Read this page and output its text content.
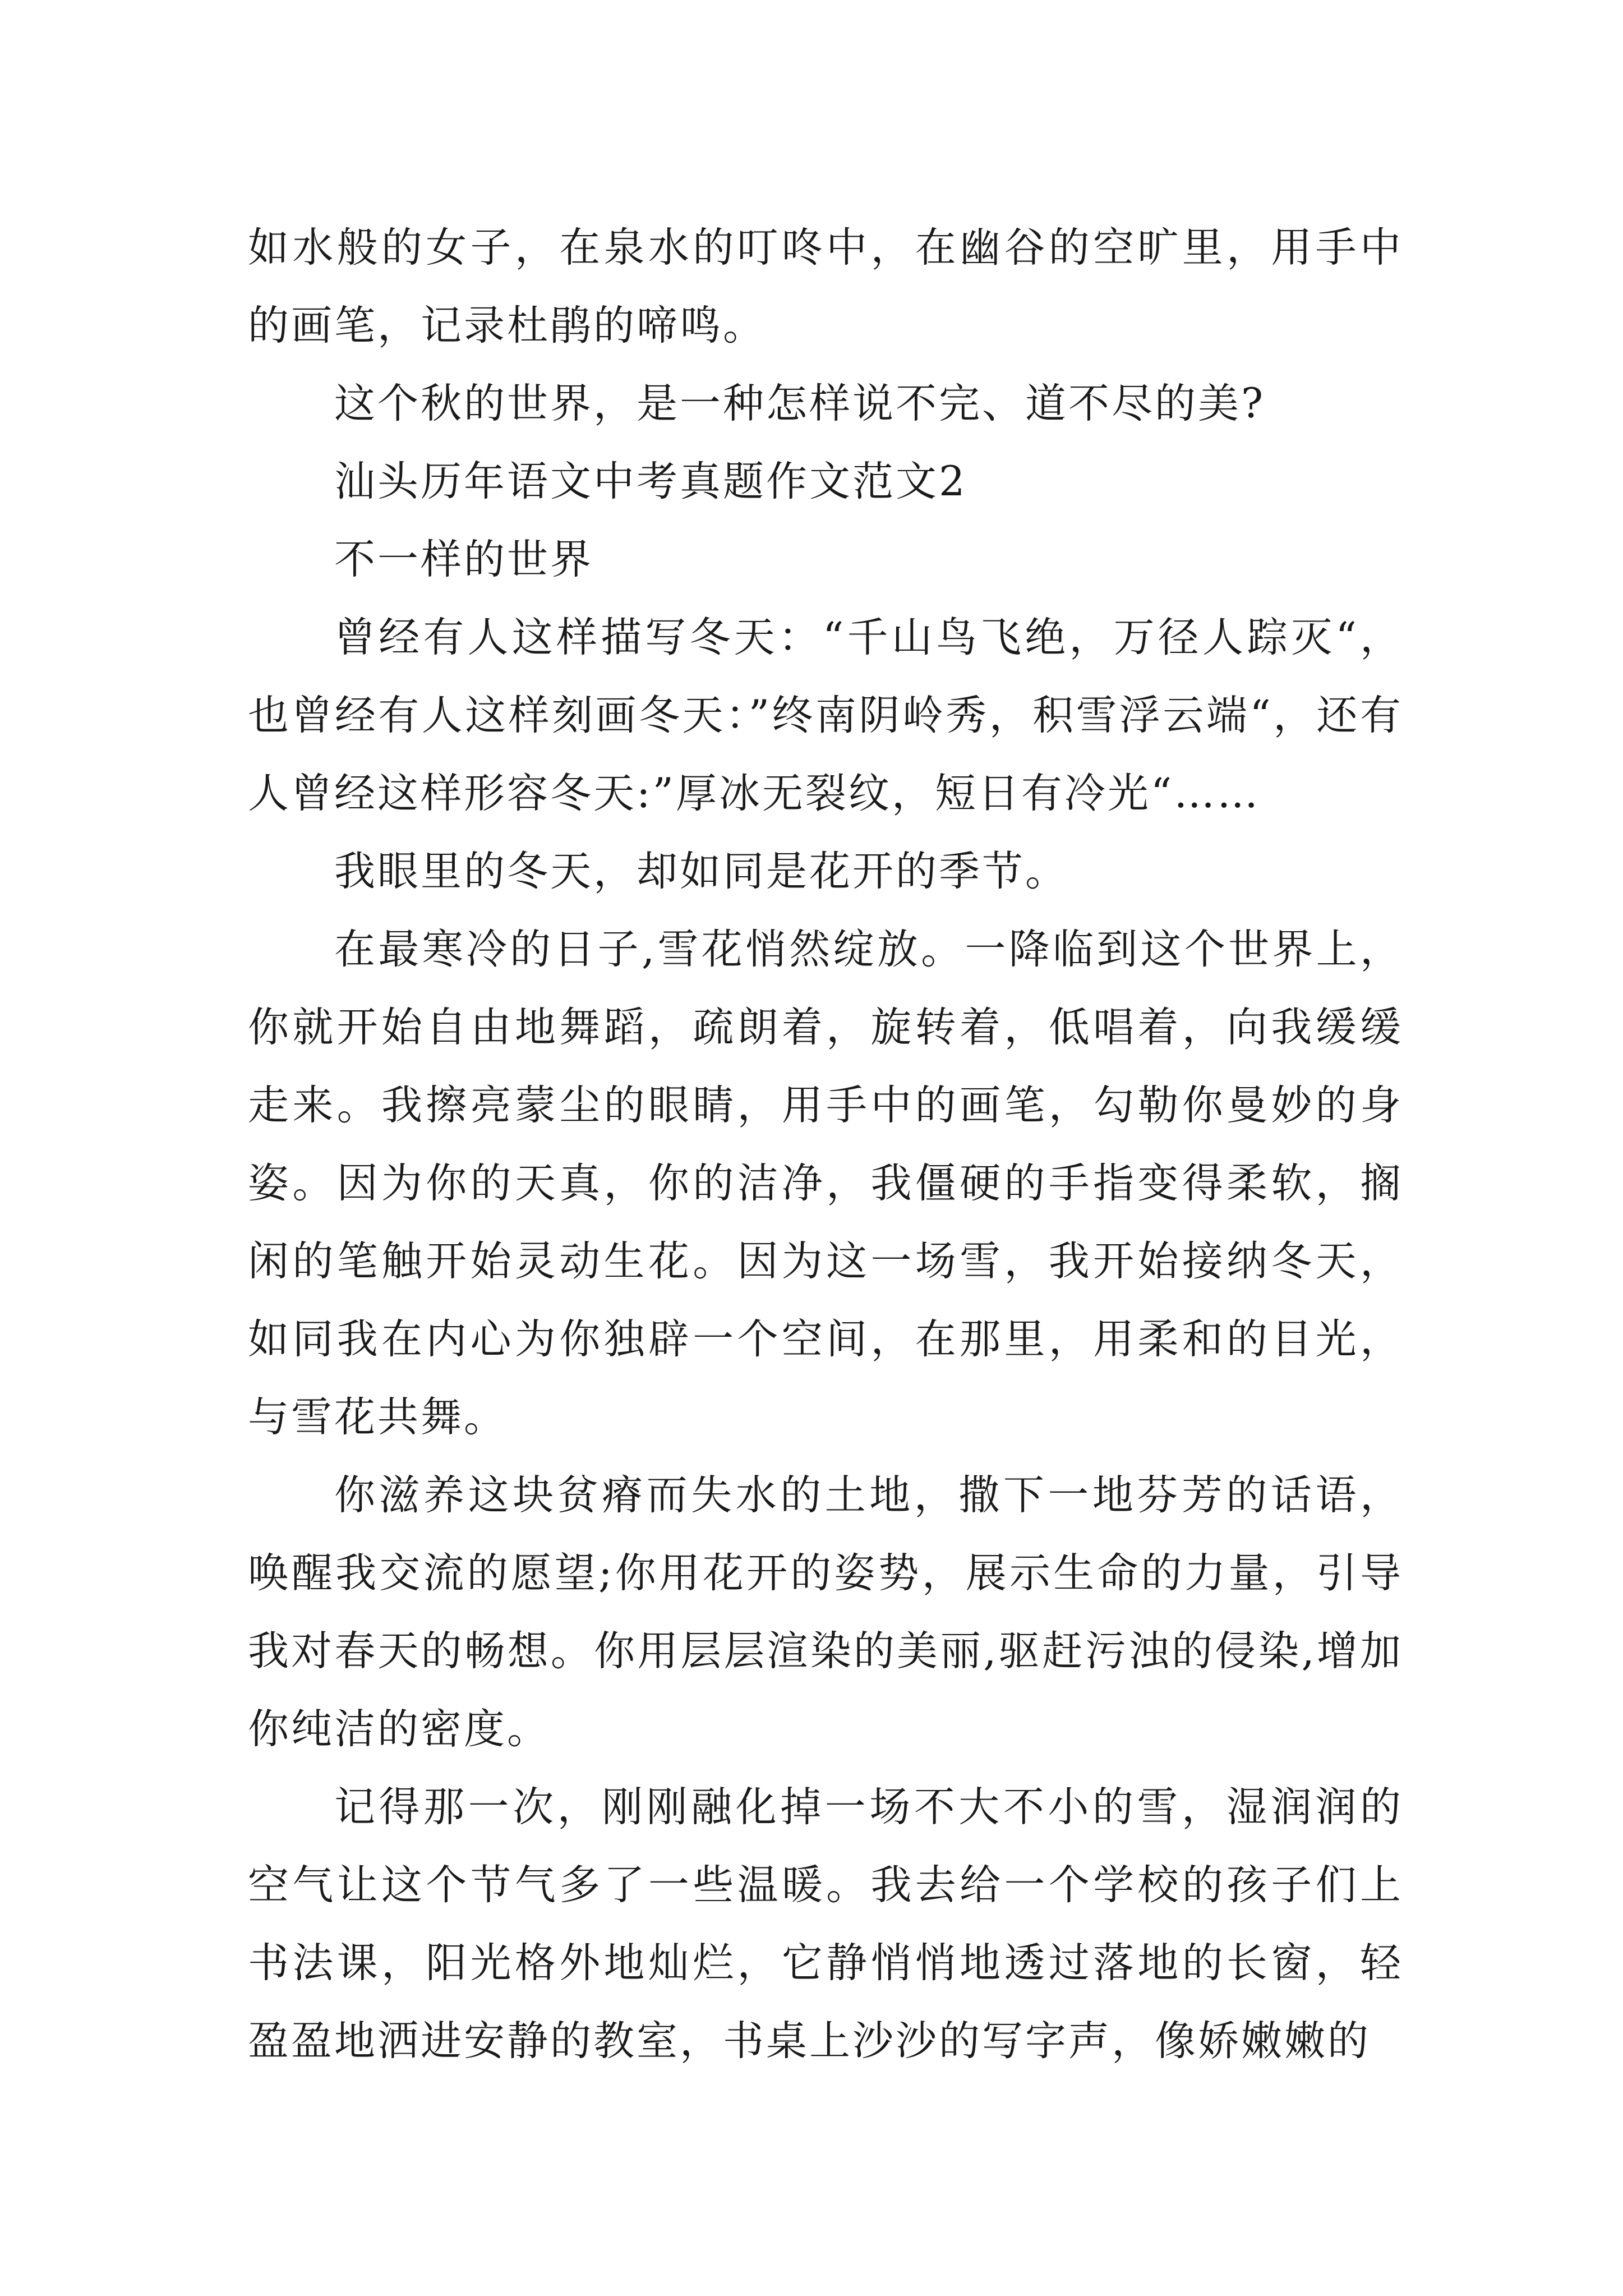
如水般的女子，在泉水的叮咚中，在幽谷的空旷里，用手中的画笔，记录杜鹃的啼鸣。

这个秋的世界，是一种怎样说不完、道不尽的美?

汕头历年语文中考真题作文范文2

不一样的世界

曾经有人这样描写冬天：“千山鸟飞绝，万径人踪灭“，也曾经有人这样刻画冬天：”终南阴岭秀，积雪浮云端“，还有人曾经这样形容冬天:”厚冰无裂纹，短日有冷光“……

我眼里的冬天，却如同是花开的季节。

在最寒冷的日子,雪花悄然绽放。一降临到这个世界上，你就开始自由地舞蹈，疏朗着，旋转着，低唱着，向我缓缓走来。我擦亮蒙尘的眼睛，用手中的画笔，勾勒你曼妙的身姿。因为你的天真，你的洁净，我僵硬的手指变得柔软，搁闲的笔触开始灵动生花。因为这一场雪，我开始接纳冬天，如同我在内心为你独辟一个空间，在那里，用柔和的目光，与雪花共舞。

你滋养这块贫瘠而失水的土地，撒下一地芬芳的话语，唤醒我交流的愿望;你用花开的姿势，展示生命的力量，引导我对春天的畅想。你用层层渲染的美丽,驱赶污浊的侵染,增加你纯洁的密度。

记得那一次，刚刚融化掉一场不大不小的雪，湿润润的空气让这个节气多了一些温暖。我去给一个学校的孩子们上书法课，阳光格外地灿烂，它静悄悄地透过落地的长窗，轻盈盈地洒进安静的教室，书桌上沙沙的写字声，像娇嫩嫩的
